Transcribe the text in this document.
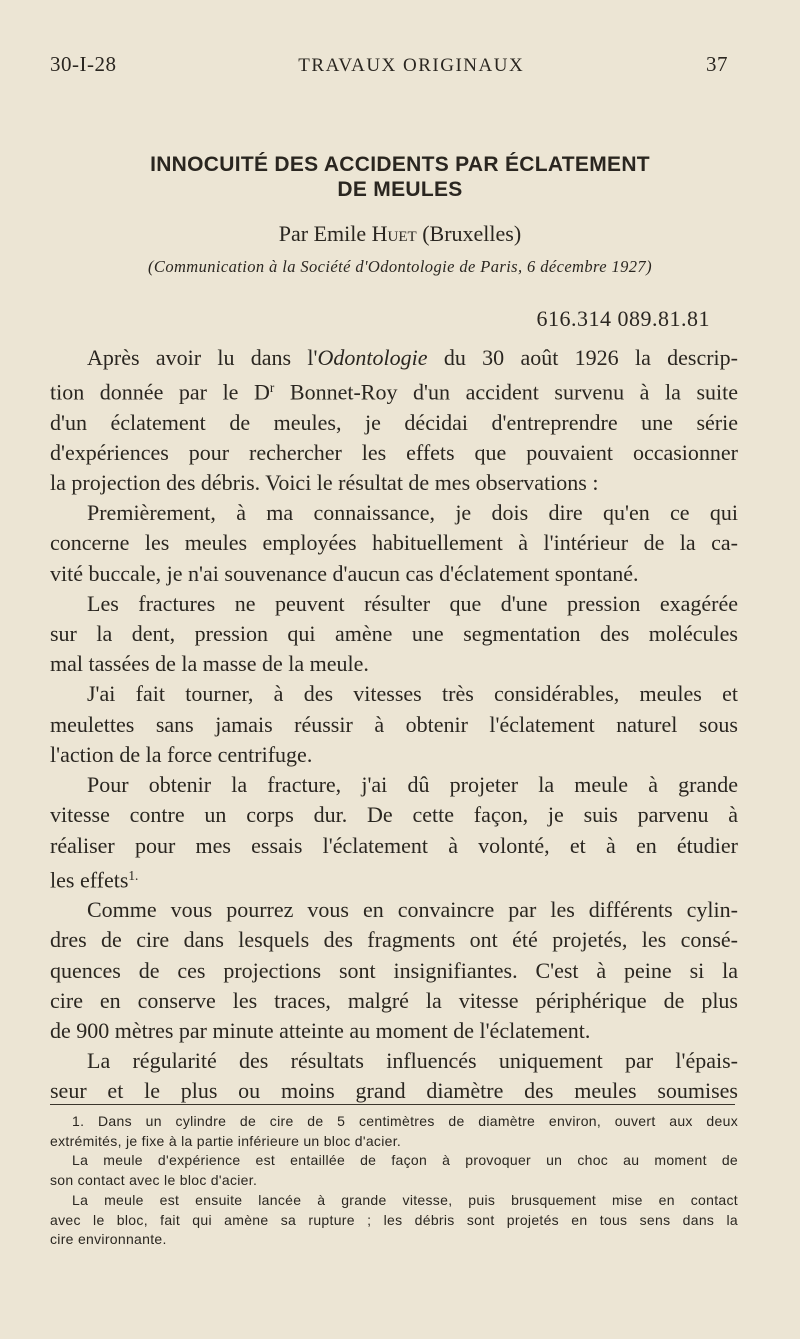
30-I-28	TRAVAUX ORIGINAUX	37
INNOCUITÉ DES ACCIDENTS PAR ÉCLATEMENT
DE MEULES
Par Emile Huet (Bruxelles)
(Communication à la Société d'Odontologie de Paris, 6 décembre 1927)
616.314 089.81.81
Après avoir lu dans l'Odontologie du 30 août 1926 la descrip-
tion donnée par le $D^r$ Bonnet-Roy d'un accident survenu à la suite
d'un éclatement de meules, je décidai d'entreprendre une série
d'expériences pour rechercher les effets que pouvaient occasionner
la projection des débris. Voici le résultat de mes observations :
Premièrement, à ma connaissance, je dois dire qu'en ce qui
concerne les meules employées habituellement à l'intérieur de la ca-
vité buccale, je n'ai souvenance d'aucun cas d'éclatement spontané.
Les fractures ne peuvent résulter que d'une pression exagérée
sur la dent, pression qui amène une segmentation des molécules
mal tassées de la masse de la meule.
J'ai fait tourner, à des vitesses très considérables, meules et
meulettes sans jamais réussir à obtenir l'éclatement naturel sous
l'action de la force centrifuge.
Pour obtenir la fracture, j'ai dû projeter la meule à grande
vitesse contre un corps dur. De cette façon, je suis parvenu à
réaliser pour mes essais l'éclatement à volonté, et à en étudier
les effets$^{1.}$
Comme vous pourrez vous en convaincre par les différents cylin-
dres de cire dans lesquels des fragments ont été projetés, les consé-
quences de ces projections sont insignifiantes. C'est à peine si la
cire en conserve les traces, malgré la vitesse périphérique de plus
de 900 mètres par minute atteinte au moment de l'éclatement.
La régularité des résultats influencés uniquement par l'épais-
seur et le plus ou moins grand diamètre des meules soumises
1. Dans un cylindre de cire de 5 centimètres de diamètre environ, ouvert aux deux
extrémités, je fixe à la partie inférieure un bloc d'acier.
La meule d'expérience est entaillée de façon à provoquer un choc au moment de
son contact avec le bloc d'acier.
La meule est ensuite lancée à grande vitesse, puis brusquement mise en contact
avec le bloc, fait qui amène sa rupture ; les débris sont projetés en tous sens dans la
cire environnante.
